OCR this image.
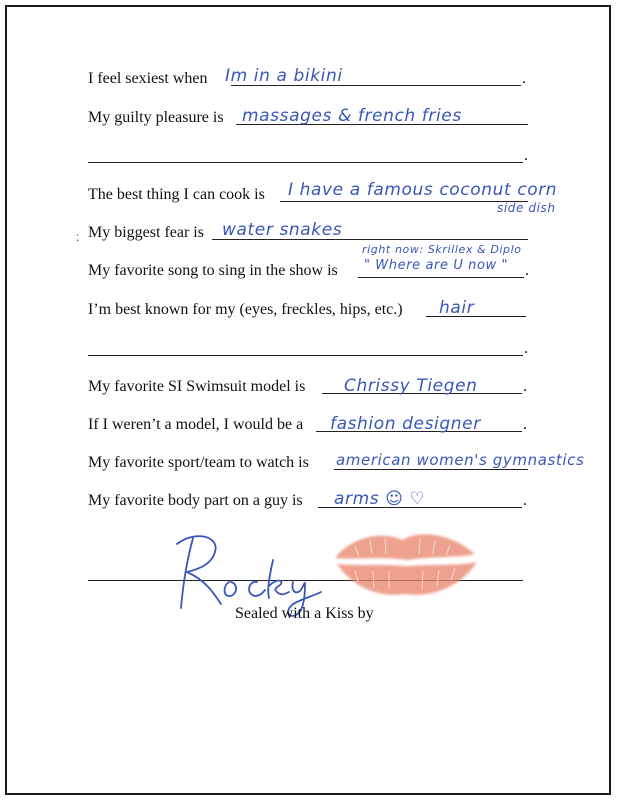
:
I feel sexiest when	.
Im in a bikini
My guilty pleasure is massages & french fries
.
The best thing I can cook is I have a famous coconut corn
side dish
My biggest fear is water snakes
right now: Skrillex & Diplo
My favorite song to sing in the show is	.
" Where are U now "
I’m best known for my (eyes, freckles, hips, etc.) hair
.
My favorite SI Swimsuit model is	.
Chrissy Tiegen
If I weren’t a model, I would be a	.
fashion designer
My favorite sport/team to watch is american women's gymnastics
My favorite body part on a guy is	.
arms ☺ ♡
Sealed with a Kiss by
